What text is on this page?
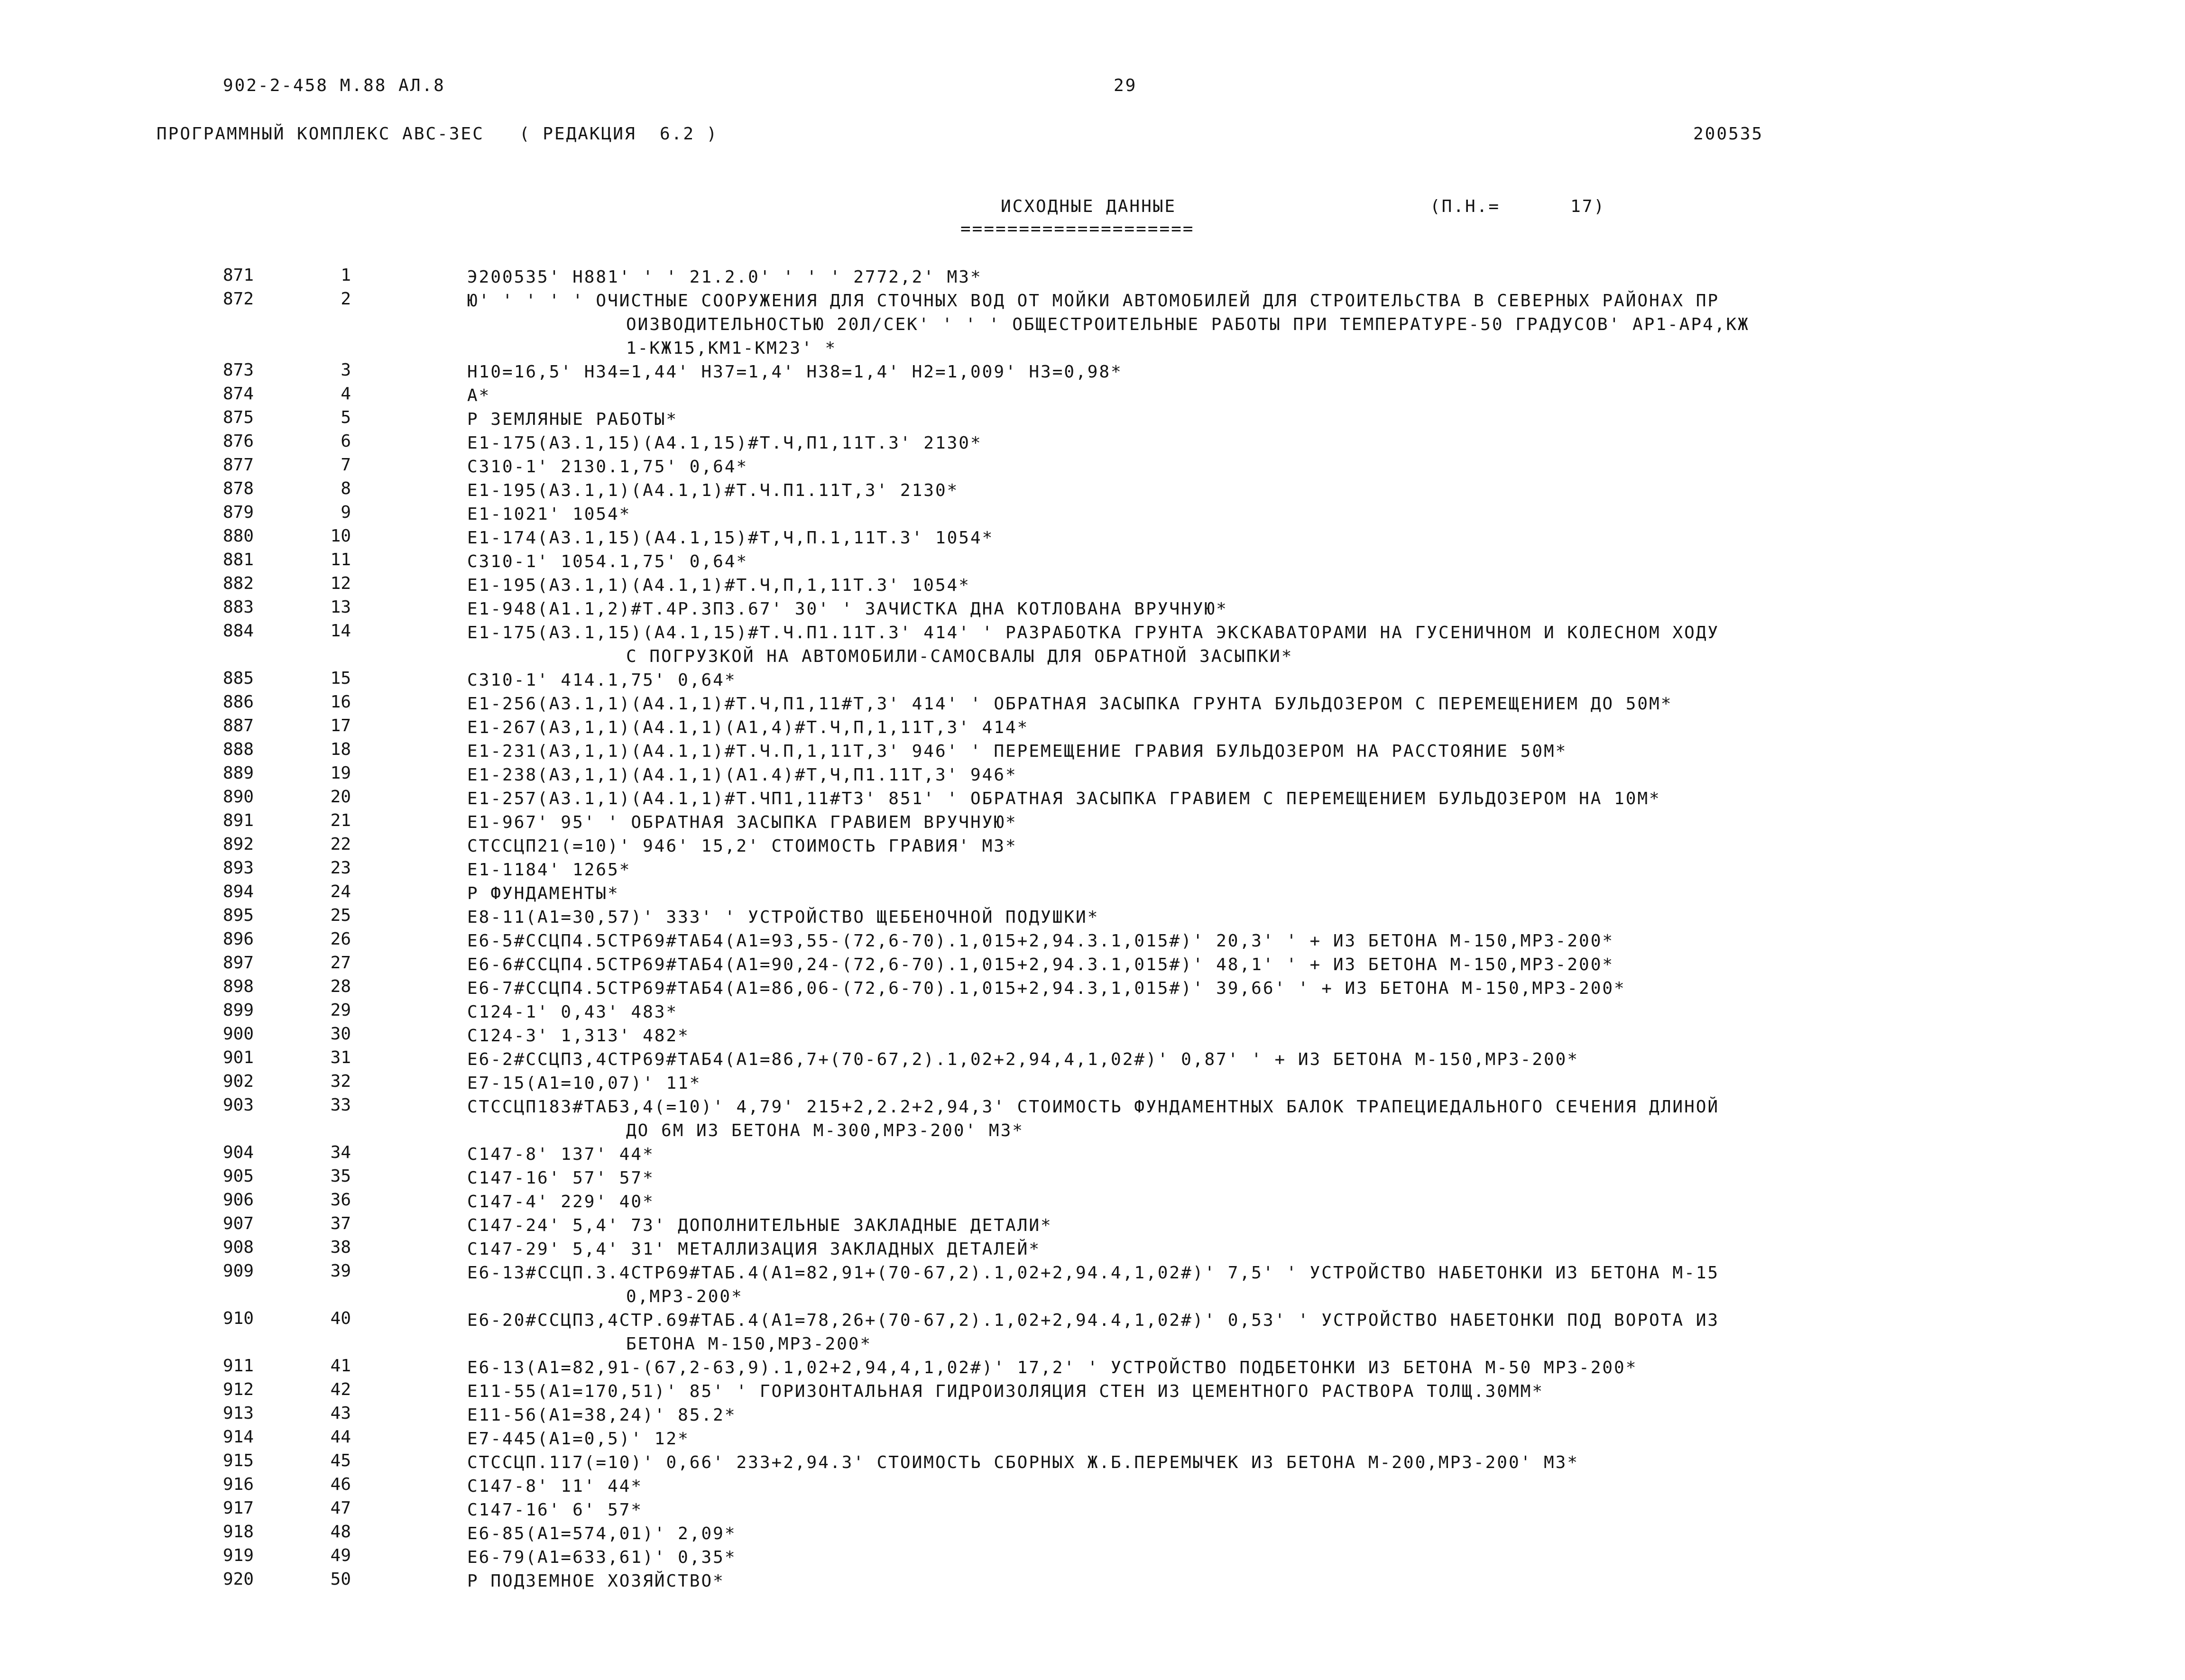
902-2-458 М.88 АЛ.8	29
ПРОГРАММНЫЙ КОМПЛЕКС АВС-3ЕС   ( РЕДАКЦИЯ  6.2 )	200535
ИСХОДНЫЕ ДАННЫЕ
====================
(П.Н.=      17)
871	1	Э200535' Н881' ' ' 21.2.0' ' ' ' 2772,2' М3*
872	2	Ю' ' ' ' ' ОЧИСТНЫЕ СООРУЖЕНИЯ ДЛЯ СТОЧНЫХ ВОД ОТ МОЙКИ АВТОМОБИЛЕЙ ДЛЯ СТРОИТЕЛЬСТВА В СЕВЕРНЫХ РАЙОНАХ ПР
ОИЗВОДИТЕЛЬНОСТЬЮ 20Л/СЕК' ' ' ' ОБЩЕСТРОИТЕЛЬНЫЕ РАБОТЫ ПРИ ТЕМПЕРАТУРЕ-50 ГРАДУСОВ' АР1-АР4,КЖ
1-КЖ15,КМ1-КМ23' *
873	3	Н10=16,5' Н34=1,44' Н37=1,4' Н38=1,4' Н2=1,009' Н3=0,98*
874	4	А*
875	5	Р ЗЕМЛЯНЫЕ РАБОТЫ*
876	6	Е1-175(А3.1,15)(А4.1,15)#Т.Ч,П1,11Т.3' 2130*
877	7	С310-1' 2130.1,75' 0,64*
878	8	Е1-195(А3.1,1)(А4.1,1)#Т.Ч.П1.11Т,3' 2130*
879	9	Е1-1021' 1054*
880	10	Е1-174(А3.1,15)(А4.1,15)#Т,Ч,П.1,11Т.3' 1054*
881	11	С310-1' 1054.1,75' 0,64*
882	12	Е1-195(А3.1,1)(А4.1,1)#Т.Ч,П,1,11Т.3' 1054*
883	13	Е1-948(А1.1,2)#Т.4Р.3П3.67' 30' ' ЗАЧИСТКА ДНА КОТЛОВАНА ВРУЧНУЮ*
884	14	Е1-175(А3.1,15)(А4.1,15)#Т.Ч.П1.11Т.3' 414' ' РАЗРАБОТКА ГРУНТА ЭКСКАВАТОРАМИ НА ГУСЕНИЧНОМ И КОЛЕСНОМ ХОДУ
С ПОГРУЗКОЙ НА АВТОМОБИЛИ-САМОСВАЛЫ ДЛЯ ОБРАТНОЙ ЗАСЫПКИ*
885	15	С310-1' 414.1,75' 0,64*
886	16	Е1-256(А3.1,1)(А4.1,1)#Т.Ч,П1,11#Т,3' 414' ' ОБРАТНАЯ ЗАСЫПКА ГРУНТА БУЛЬДОЗЕРОМ С ПЕРЕМЕЩЕНИЕМ ДО 50М*
887	17	Е1-267(А3,1,1)(А4.1,1)(А1,4)#Т.Ч,П,1,11Т,3' 414*
888	18	Е1-231(А3,1,1)(А4.1,1)#Т.Ч.П,1,11Т,3' 946' ' ПЕРЕМЕЩЕНИЕ ГРАВИЯ БУЛЬДОЗЕРОМ НА РАССТОЯНИЕ 50М*
889	19	Е1-238(А3,1,1)(А4.1,1)(А1.4)#Т,Ч,П1.11Т,3' 946*
890	20	Е1-257(А3.1,1)(А4.1,1)#Т.ЧП1,11#Т3' 851' ' ОБРАТНАЯ ЗАСЫПКА ГРАВИЕМ С ПЕРЕМЕЩЕНИЕМ БУЛЬДОЗЕРОМ НА 10М*
891	21	Е1-967' 95' ' ОБРАТНАЯ ЗАСЫПКА ГРАВИЕМ ВРУЧНУЮ*
892	22	СТССЦП21(=10)' 946' 15,2' СТОИМОСТЬ ГРАВИЯ' М3*
893	23	Е1-1184' 1265*
894	24	Р ФУНДАМЕНТЫ*
895	25	Е8-11(А1=30,57)' 333' ' УСТРОЙСТВО ЩЕБЕНОЧНОЙ ПОДУШКИ*
896	26	Е6-5#ССЦП4.5СТР69#ТАБ4(А1=93,55-(72,6-70).1,015+2,94.3.1,015#)' 20,3' ' + ИЗ БЕТОНА М-150,МРЗ-200*
897	27	Е6-6#ССЦП4.5СТР69#ТАБ4(А1=90,24-(72,6-70).1,015+2,94.3.1,015#)' 48,1' ' + ИЗ БЕТОНА М-150,МРЗ-200*
898	28	Е6-7#ССЦП4.5СТР69#ТАБ4(А1=86,06-(72,6-70).1,015+2,94.3,1,015#)' 39,66' ' + ИЗ БЕТОНА М-150,МРЗ-200*
899	29	С124-1' 0,43' 483*
900	30	С124-3' 1,313' 482*
901	31	Е6-2#ССЦП3,4СТР69#ТАБ4(А1=86,7+(70-67,2).1,02+2,94,4,1,02#)' 0,87' ' + ИЗ БЕТОНА М-150,МРЗ-200*
902	32	Е7-15(А1=10,07)' 11*
903	33	СТССЦП183#ТАБ3,4(=10)' 4,79' 215+2,2.2+2,94,3' СТОИМОСТЬ ФУНДАМЕНТНЫХ БАЛОК ТРАПЕЦИЕДАЛЬНОГО СЕЧЕНИЯ ДЛИНОЙ
ДО 6М ИЗ БЕТОНА М-300,МРЗ-200' М3*
904	34	С147-8' 137' 44*
905	35	С147-16' 57' 57*
906	36	С147-4' 229' 40*
907	37	С147-24' 5,4' 73' ДОПОЛНИТЕЛЬНЫЕ ЗАКЛАДНЫЕ ДЕТАЛИ*
908	38	С147-29' 5,4' 31' МЕТАЛЛИЗАЦИЯ ЗАКЛАДНЫХ ДЕТАЛЕЙ*
909	39	Е6-13#ССЦП.3.4СТР69#ТАБ.4(А1=82,91+(70-67,2).1,02+2,94.4,1,02#)' 7,5' ' УСТРОЙСТВО НАБЕТОНКИ ИЗ БЕТОНА М-15
0,МРЗ-200*
910	40	Е6-20#ССЦП3,4СТР.69#ТАБ.4(А1=78,26+(70-67,2).1,02+2,94.4,1,02#)' 0,53' ' УСТРОЙСТВО НАБЕТОНКИ ПОД ВОРОТА ИЗ
БЕТОНА М-150,МРЗ-200*
911	41	Е6-13(А1=82,91-(67,2-63,9).1,02+2,94,4,1,02#)' 17,2' ' УСТРОЙСТВО ПОДБЕТОНКИ ИЗ БЕТОНА М-50 МРЗ-200*
912	42	Е11-55(А1=170,51)' 85' ' ГОРИЗОНТАЛЬНАЯ ГИДРОИЗОЛЯЦИЯ СТЕН ИЗ ЦЕМЕНТНОГО РАСТВОРА ТОЛЩ.30ММ*
913	43	Е11-56(А1=38,24)' 85.2*
914	44	Е7-445(А1=0,5)' 12*
915	45	СТССЦП.117(=10)' 0,66' 233+2,94.3' СТОИМОСТЬ СБОРНЫХ Ж.Б.ПЕРЕМЫЧЕК ИЗ БЕТОНА М-200,МРЗ-200' М3*
916	46	С147-8' 11' 44*
917	47	С147-16' 6' 57*
918	48	Е6-85(А1=574,01)' 2,09*
919	49	Е6-79(А1=633,61)' 0,35*
920	50	Р ПОДЗЕМНОЕ ХОЗЯЙСТВО*
